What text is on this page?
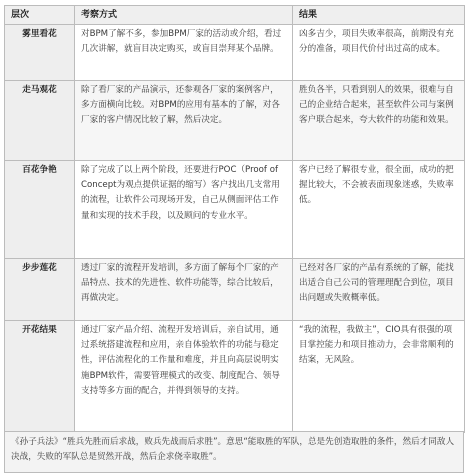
层次	考察方式	结果
雾里看花	对BPM了解不多，参加BPM厂家的活动或介绍，看过几次讲解，就盲目决定购买，或盲目崇拜某个品牌。	凶多吉少，项目失败率很高，前期没有充分的准备，项目代价付出过高的成本。
走马观花	除了看厂家的产品演示，还参观各厂家的案例客户，多方面横向比较。对BPM的应用有基本的了解，对各厂家的客户情况比较了解，然后决定。	胜负各半，只看到别人的效果，很难与自己的企业结合起来，甚至软件公司与案例客户联合起来，夸大软件的功能和效果。
百花争艳	除了完成了以上两个阶段，还要进行POC（Proof of Concept为观点提供证据的缩写）客户找出几支常用的流程，让软件公司现场开发，自己从侧面评估工作量和实现的技术手段，以及顾问的专业水平。	客户已经了解很专业，很全面，成功的把握比较大，不会被表面现象迷惑，失败率低。
步步莲花	透过厂家的流程开发培训，多方面了解每个厂家的产品特点、技术的先进性、软件功能等，综合比较后，再做决定。	已经对各厂家的产品有系统的了解，能找出适合自己公司的管理理配合到位，项目出问题或失败概率低。
开花结果	通过厂家产品介绍、流程开发培训后，亲自试用，通过系统搭建流程和应用，亲自体验软件的功能与稳定性，评估流程化的工作量和难度，并且向高层说明实施BPM软件，需要管理模式的改变、制度配合、领导支持等多方面的配合，并得到领导的支持。	“我的流程，我做主”，CIO具有很强的项目掌控能力和项目推动力，会非常顺利的结案，无风险。
《孙子兵法》“胜兵先胜而后求战，败兵先战而后求胜”。意思“能取胜的军队，总是先创造取胜的条件，然后才同敌人决战，失败的军队总是贸然开战，然后企求侥幸取胜”。
